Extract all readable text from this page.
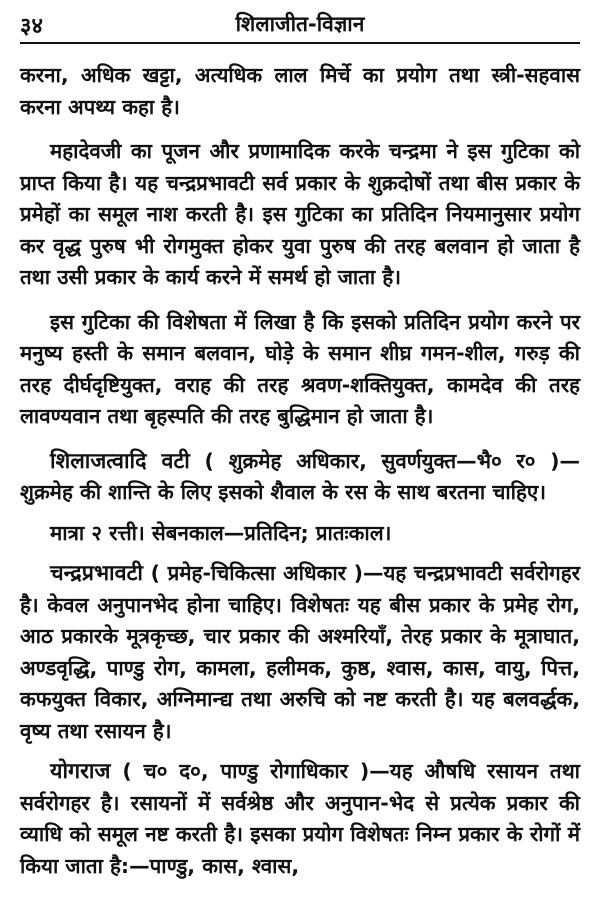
३४	शिलाजीत-विज्ञान

करना, अधिक खट्टा, अत्यधिक लाल मिर्चे का प्रयोग तथा स्त्री-सहवास करना अपथ्य कहा है।

महादेवजी का पूजन और प्रणामादिक करके चन्द्रमा ने इस गुटिका को प्राप्त किया है। यह चन्द्रप्रभावटी सर्व प्रकार के शुक्रदोषों तथा बीस प्रकार के प्रमेहों का समूल नाश करती है। इस गुटिका का प्रतिदिन नियमानुसार प्रयोग कर वृद्ध पुरुष भी रोगमुक्त होकर युवा पुरुष की तरह बलवान हो जाता है तथा उसी प्रकार के कार्य करने में समर्थ हो जाता है।

इस गुटिका की विशेषता में लिखा है कि इसको प्रतिदिन प्रयोग करने पर मनुष्य हस्ती के समान बलवान, घोड़े के समान शीघ्र गमन-शील, गरुड़ की तरह दीर्घदृष्टियुक्त, वराह की तरह श्रवण-शक्तियुक्त, कामदेव की तरह लावण्यवान तथा बृहस्पति की तरह बुद्धिमान हो जाता है।

शिलाजत्वादि वटी ( शुक्रमेह अधिकार, सुवर्णयुक्त—भै० र० )—शुक्रमेह की शान्ति के लिए इसको शैवाल के रस के साथ बरतना चाहिए।

मात्रा २ रत्ती। सेबनकाल—प्रतिदिन; प्रातःकाल।

चन्द्रप्रभावटी ( प्रमेह-चिकित्सा अधिकार )—यह चन्द्रप्रभावटी सर्वरोगहर है। केवल अनुपानभेद होना चाहिए। विशेषतः यह बीस प्रकार के प्रमेह रोग, आठ प्रकारके मूत्रकृच्छ, चार प्रकार की अश्मरियाँ, तेरह प्रकार के मूत्राघात, अण्डवृद्धि, पाण्डु रोग, कामला, हलीमक, कुष्ठ, श्वास, कास, वायु, पित्त, कफयुक्त विकार, अग्निमान्द्य तथा अरुचि को नष्ट करती है। यह बलवर्द्धक, वृष्य तथा रसायन है।

योगराज ( च० द०, पाण्डु रोगाधिकार )—यह औषधि रसायन तथा सर्वरोगहर है। रसायनों में सर्वश्रेष्ठ और अनुपान-भेद से प्रत्येक प्रकार की व्याधि को समूल नष्ट करती है। इसका प्रयोग विशेषतः निम्न प्रकार के रोगों में किया जाता है:—पाण्डु, कास, श्वास,
